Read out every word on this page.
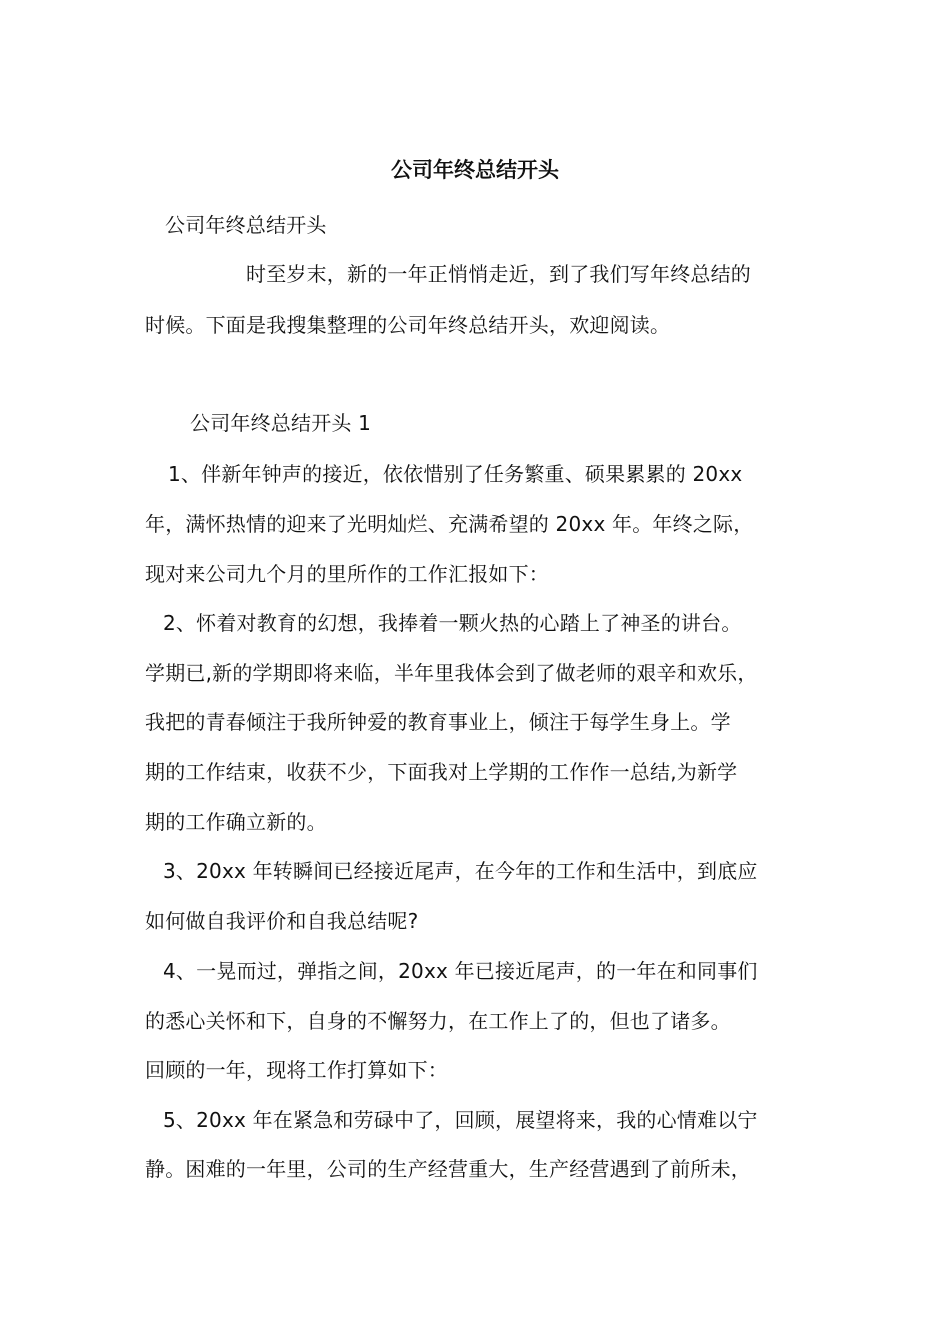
公司年终总结开头
公司年终总结开头
时至岁末，新的一年正悄悄走近，到了我们写年终总结的
时候。下面是我搜集整理的公司年终总结开头，欢迎阅读。
公司年终总结开头 1
1、伴新年钟声的接近，依依惜别了任务繁重、硕果累累的 20xx
年，满怀热情的迎来了光明灿烂、充满希望的 20xx 年。年终之际，
现对来公司九个月的里所作的工作汇报如下：
2、怀着对教育的幻想，我捧着一颗火热的心踏上了神圣的讲台。
学期已,新的学期即将来临，半年里我体会到了做老师的艰辛和欢乐，
我把的青春倾注于我所钟爱的教育事业上，倾注于每学生身上。学
期的工作结束，收获不少，下面我对上学期的工作作一总结,为新学
期的工作确立新的。
3、20xx 年转瞬间已经接近尾声，在今年的工作和生活中，到底应
如何做自我评价和自我总结呢?
4、一晃而过，弹指之间，20xx 年已接近尾声，的一年在和同事们
的悉心关怀和下，自身的不懈努力，在工作上了的，但也了诸多。
回顾的一年，现将工作打算如下：
5、20xx 年在紧急和劳碌中了，回顾，展望将来，我的心情难以宁
静。困难的一年里，公司的生产经营重大，生产经营遇到了前所未，
